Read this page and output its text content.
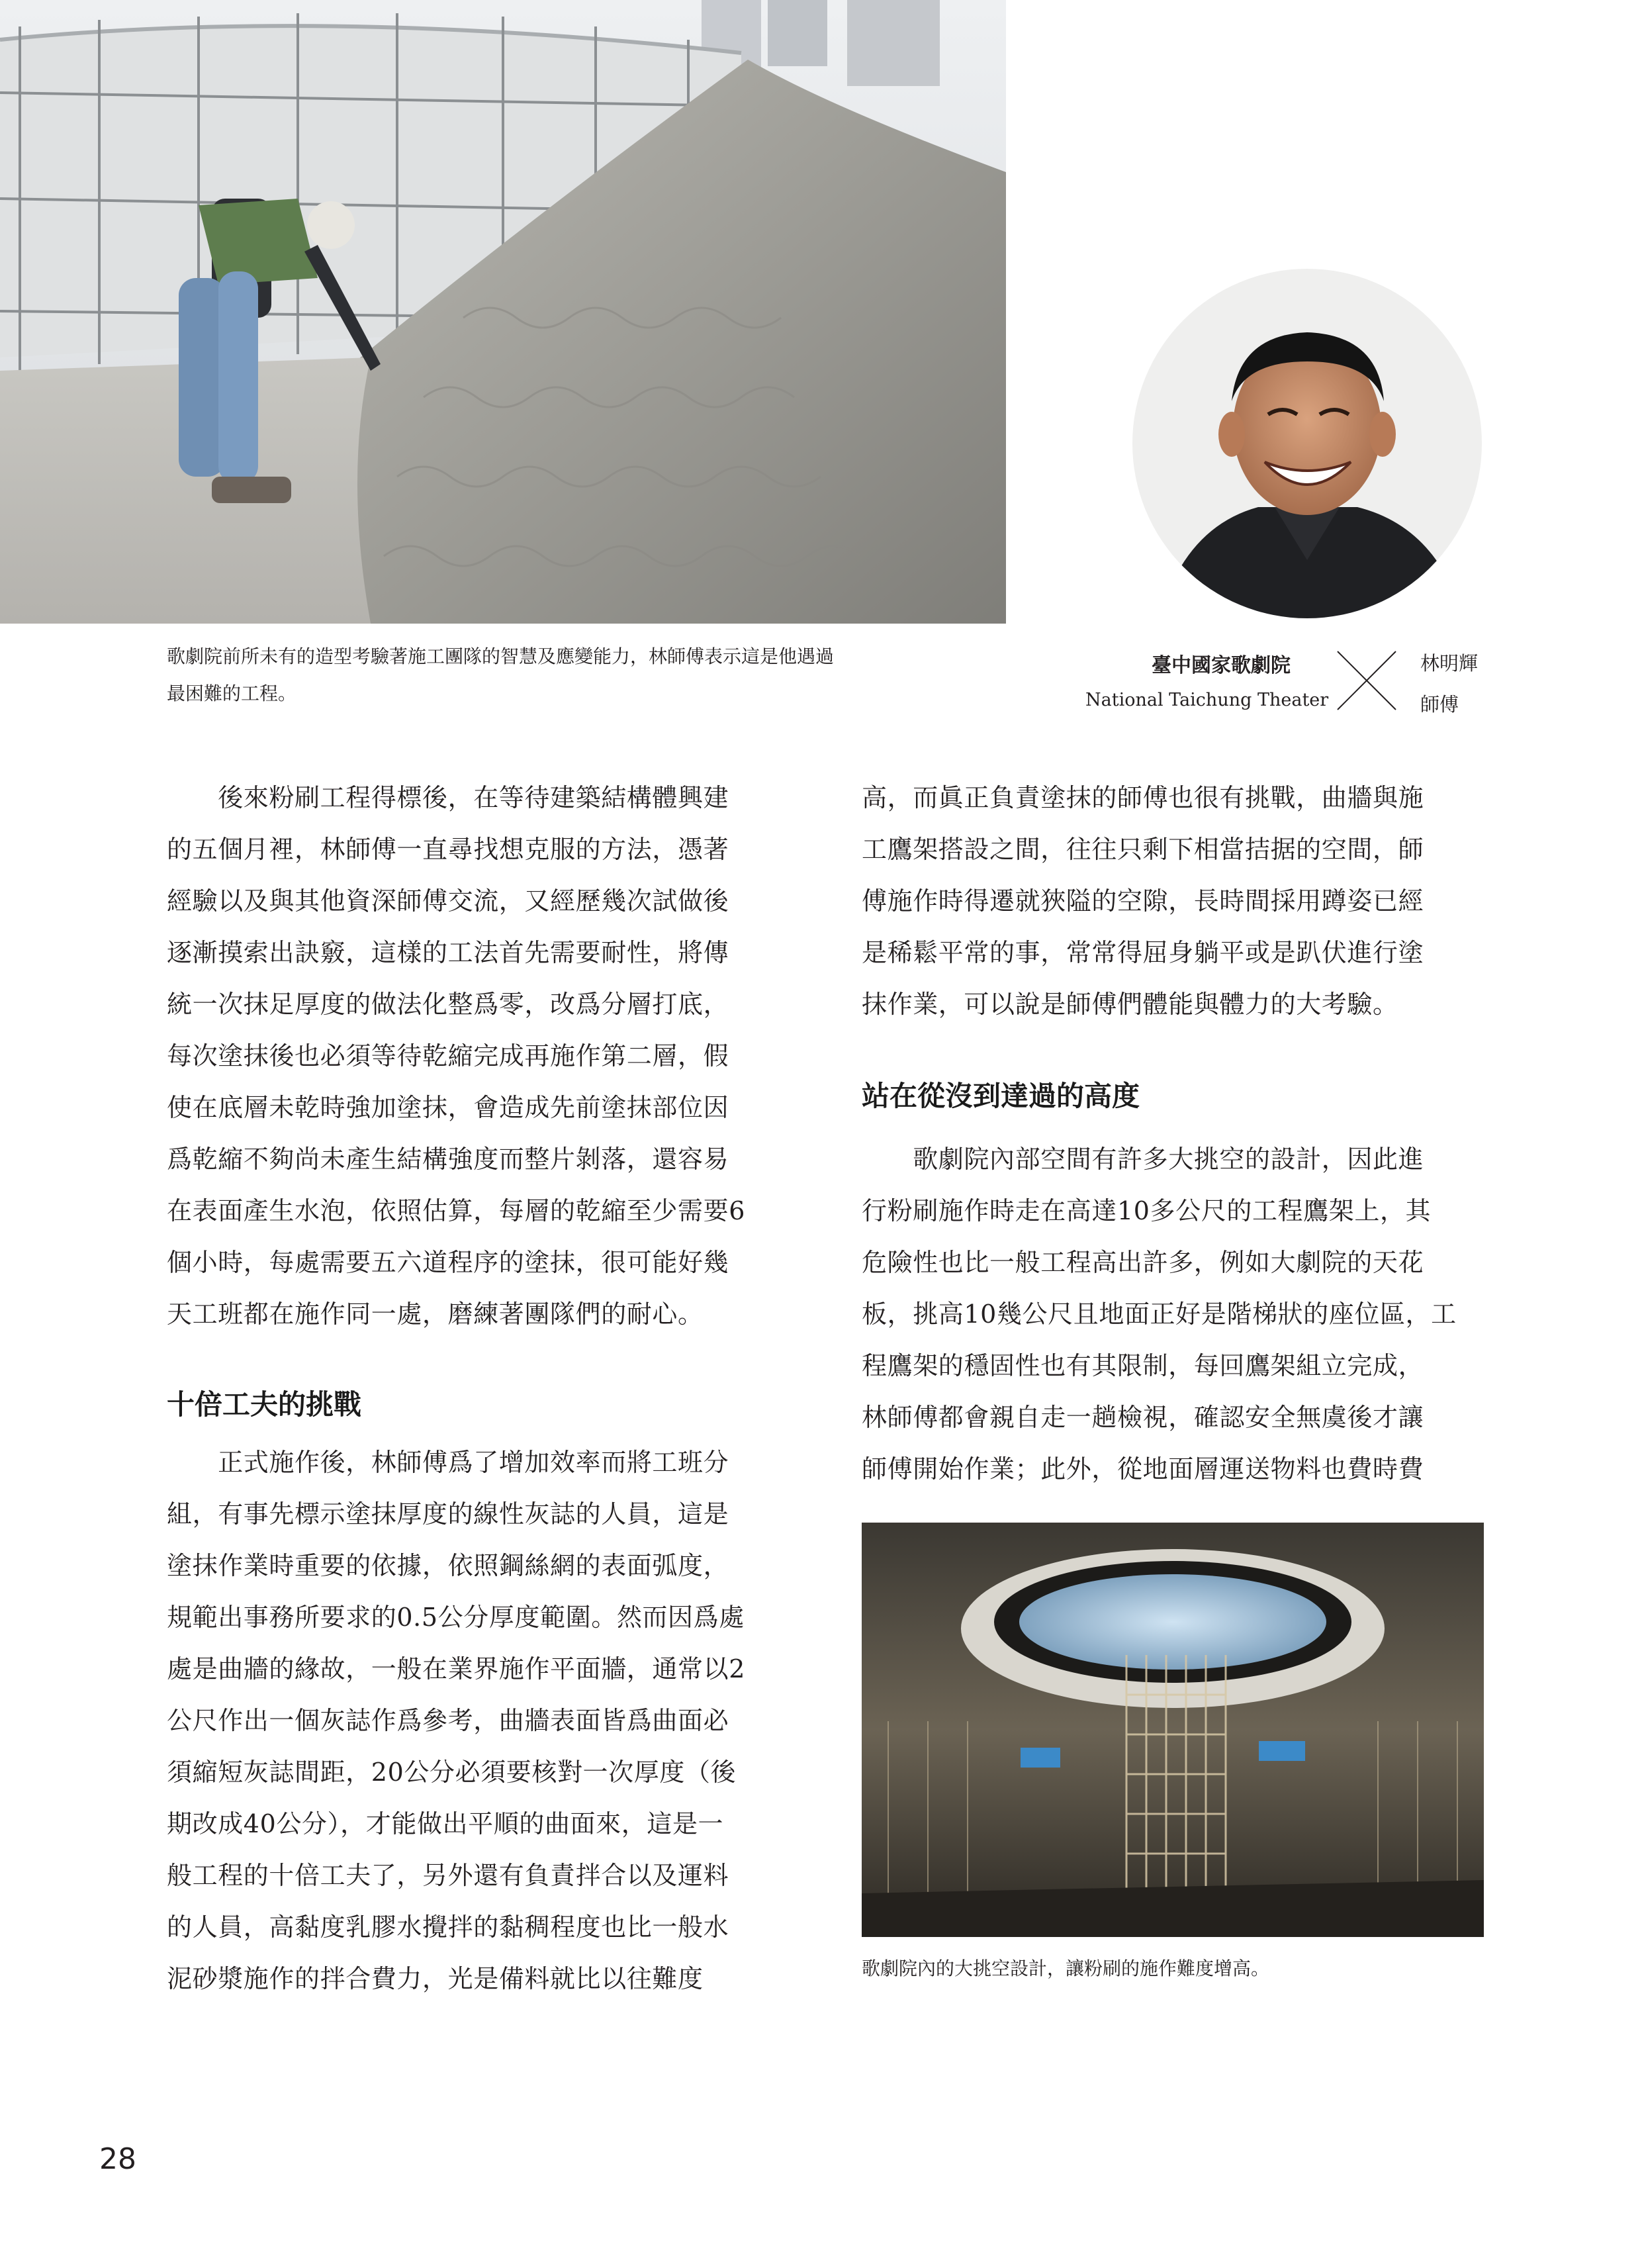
歌劇院前所未有的造型考驗著施工團隊的智慧及應變能力，林師傅表示這是他遇過
最困難的工程。

臺中國家歌劇院
National Taichung Theater
林明輝
師傅
　　後來粉刷工程得標後，在等待建築結構體興建
的五個月裡，林師傅一直尋找想克服的方法，憑著
經驗以及與其他資深師傅交流，又經歷幾次試做後
逐漸摸索出訣竅，這樣的工法首先需要耐性，將傳
統一次抹足厚度的做法化整爲零，改爲分層打底，
每次塗抹後也必須等待乾縮完成再施作第二層，假
使在底層未乾時強加塗抹，會造成先前塗抹部位因
爲乾縮不夠尚未產生結構強度而整片剝落，還容易
在表面產生水泡，依照估算，每層的乾縮至少需要6
個小時，每處需要五六道程序的塗抹，很可能好幾
天工班都在施作同一處，磨練著團隊們的耐心。
十倍工夫的挑戰
　　正式施作後，林師傅爲了增加效率而將工班分
組，有事先標示塗抹厚度的線性灰誌的人員，這是
塗抹作業時重要的依據，依照鋼絲網的表面弧度，
規範出事務所要求的0.5公分厚度範圍。然而因爲處
處是曲牆的緣故，一般在業界施作平面牆，通常以2
公尺作出一個灰誌作爲參考，曲牆表面皆爲曲面必
須縮短灰誌間距，20公分必須要核對一次厚度（後
期改成40公分），才能做出平順的曲面來，這是一
般工程的十倍工夫了，另外還有負責拌合以及運料
的人員，高黏度乳膠水攪拌的黏稠程度也比一般水
泥砂漿施作的拌合費力，光是備料就比以往難度
高，而眞正負責塗抹的師傅也很有挑戰，曲牆與施
工鷹架搭設之間，往往只剩下相當拮据的空間，師
傅施作時得遷就狹隘的空隙，長時間採用蹲姿已經
是稀鬆平常的事，常常得屈身躺平或是趴伏進行塗
抹作業，可以說是師傅們體能與體力的大考驗。
站在從沒到達過的高度
　　歌劇院內部空間有許多大挑空的設計，因此進
行粉刷施作時走在高達10多公尺的工程鷹架上，其
危險性也比一般工程高出許多，例如大劇院的天花
板，挑高10幾公尺且地面正好是階梯狀的座位區，工
程鷹架的穩固性也有其限制，每回鷹架組立完成，
林師傅都會親自走一趟檢視，確認安全無虞後才讓
師傅開始作業；此外，從地面層運送物料也費時費

歌劇院內的大挑空設計，讓粉刷的施作難度增高。

28
